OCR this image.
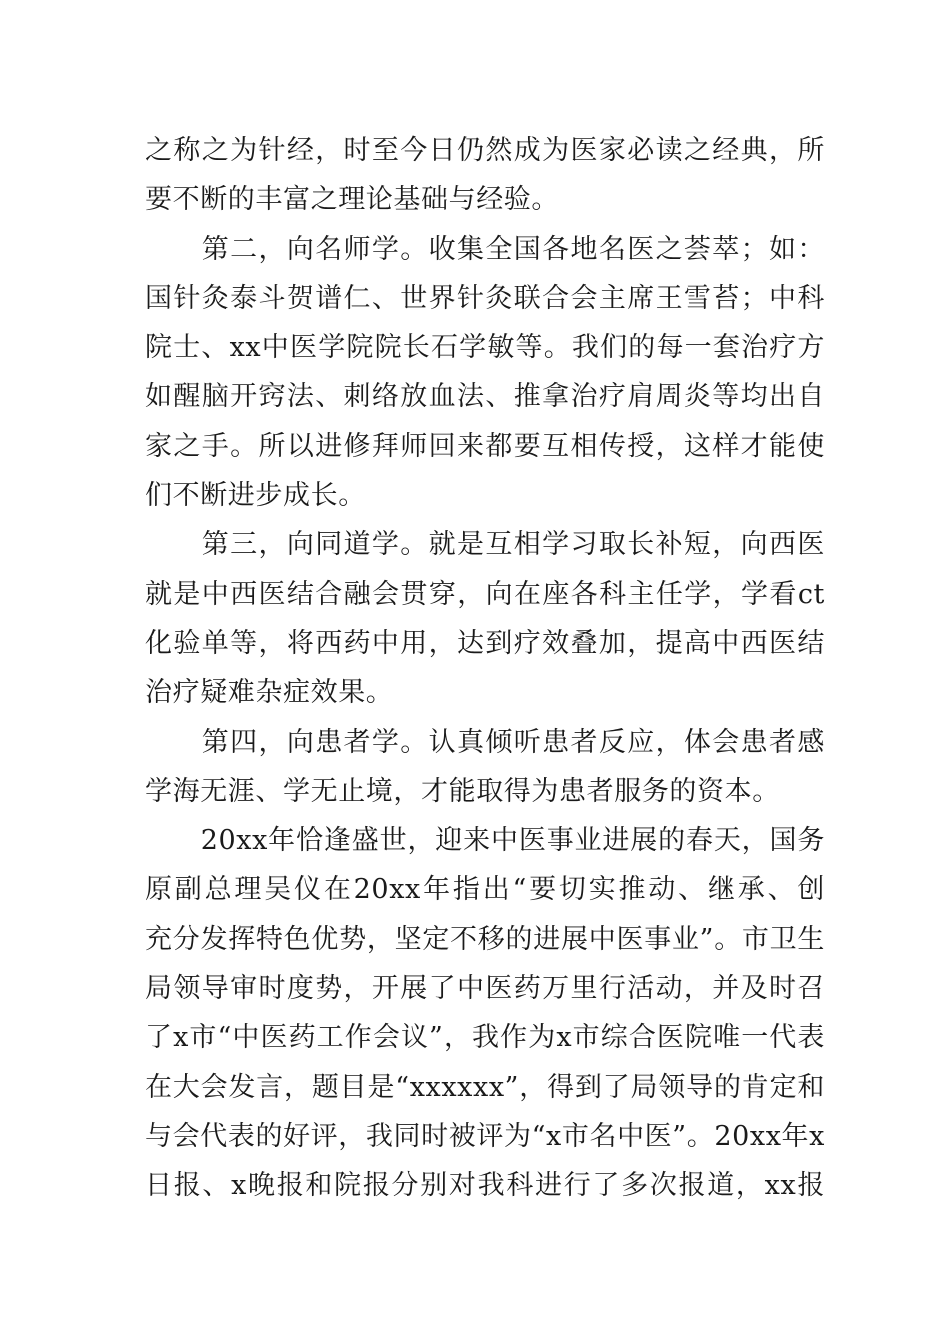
之称之为针经，时至今日仍然成为医家必读之经典，所
要不断的丰富之理论基础与经验。
　　第二，向名师学。收集全国各地名医之荟萃；如：
国针灸泰斗贺谱仁、世界针灸联合会主席王雪苔；中科
院士、xx中医学院院长石学敏等。我们的每一套治疗方
如醒脑开窍法、刺络放血法、推拿治疗肩周炎等均出自
家之手。所以进修拜师回来都要互相传授，这样才能使
们不断进步成长。
　　第三，向同道学。就是互相学习取长补短，向西医
就是中西医结合融会贯穿，向在座各科主任学，学看ct
化验单等，将西药中用，达到疗效叠加，提高中西医结
治疗疑难杂症效果。
　　第四，向患者学。认真倾听患者反应，体会患者感
学海无涯、学无止境，才能取得为患者服务的资本。
　　20xx年恰逢盛世，迎来中医事业进展的春天，国务
原副总理吴仪在20xx年指出“要切实推动、继承、创
充分发挥特色优势，坚定不移的进展中医事业”。市卫生
局领导审时度势，开展了中医药万里行活动，并及时召
了x市“中医药工作会议”，我作为x市综合医院唯一代表
在大会发言，题目是“xxxxxx”，得到了局领导的肯定和
与会代表的好评，我同时被评为“x市名中医”。20xx年x
日报、x晚报和院报分别对我科进行了多次报道，xx报
